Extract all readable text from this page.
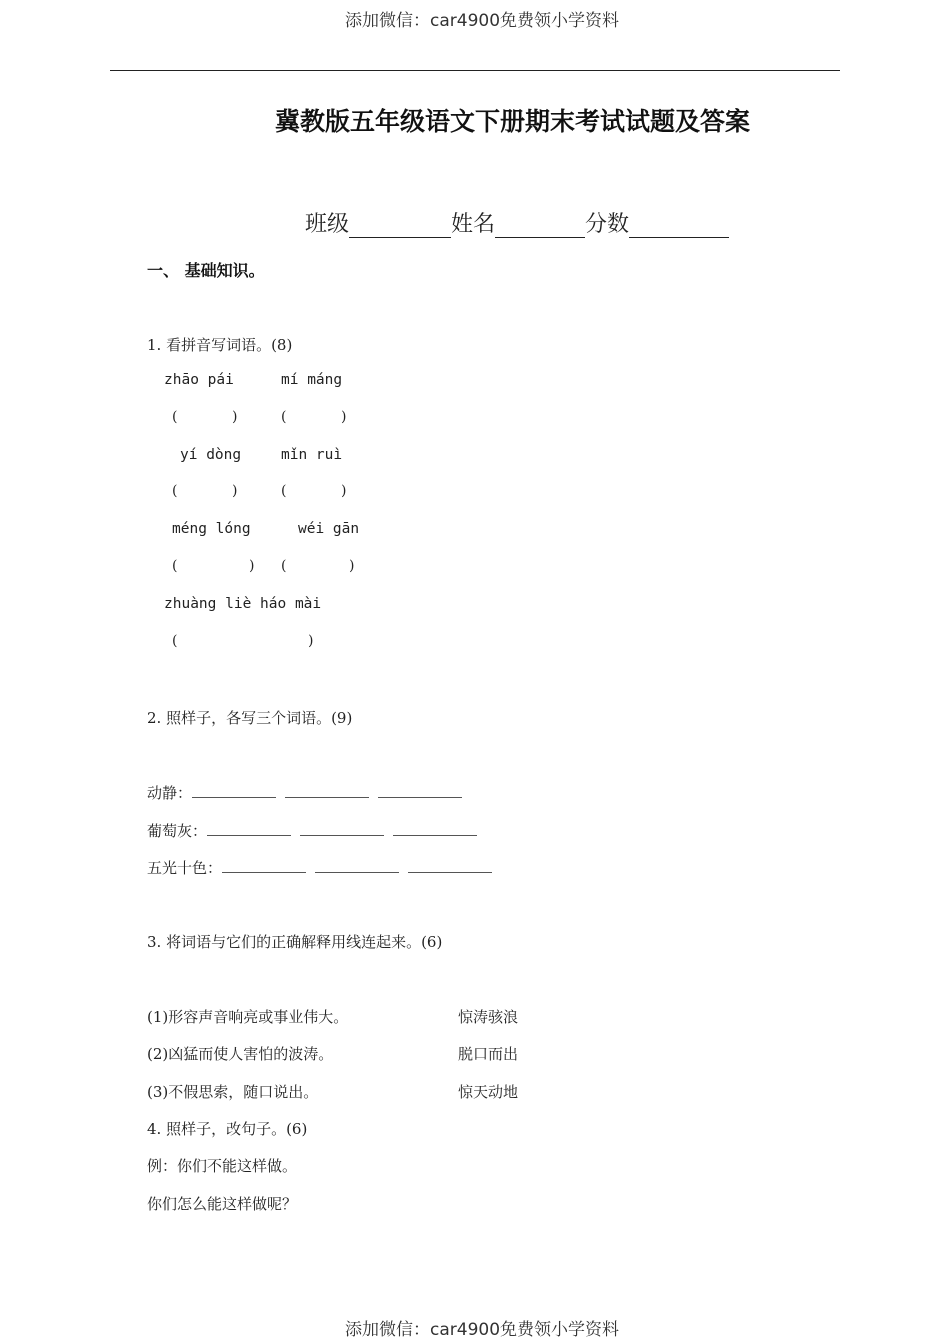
添加微信：car4900免费领小学资料
冀教版五年级语文下册期末考试试题及答案
班级	姓名	分数
一、 基础知识。
1. 看拼音写词语。(8)
zhāo pái	mí máng
(	)	(	)
yí dòng	mǐn ruì
(	)	(	)
méng lóng	wéi gān
(	) (	)
zhuàng liè háo mài
(	)
2. 照样子，各写三个词语。(9)
动静：
葡萄灰：
五光十色：
3. 将词语与它们的正确解释用线连起来。(6)
(1)形容声音响亮或事业伟大。	惊涛骇浪
(2)凶猛而使人害怕的波涛。	脱口而出
(3)不假思索，随口说出。	惊天动地
4. 照样子，改句子。(6)
例：你们不能这样做。
你们怎么能这样做呢？
添加微信：car4900免费领小学资料
